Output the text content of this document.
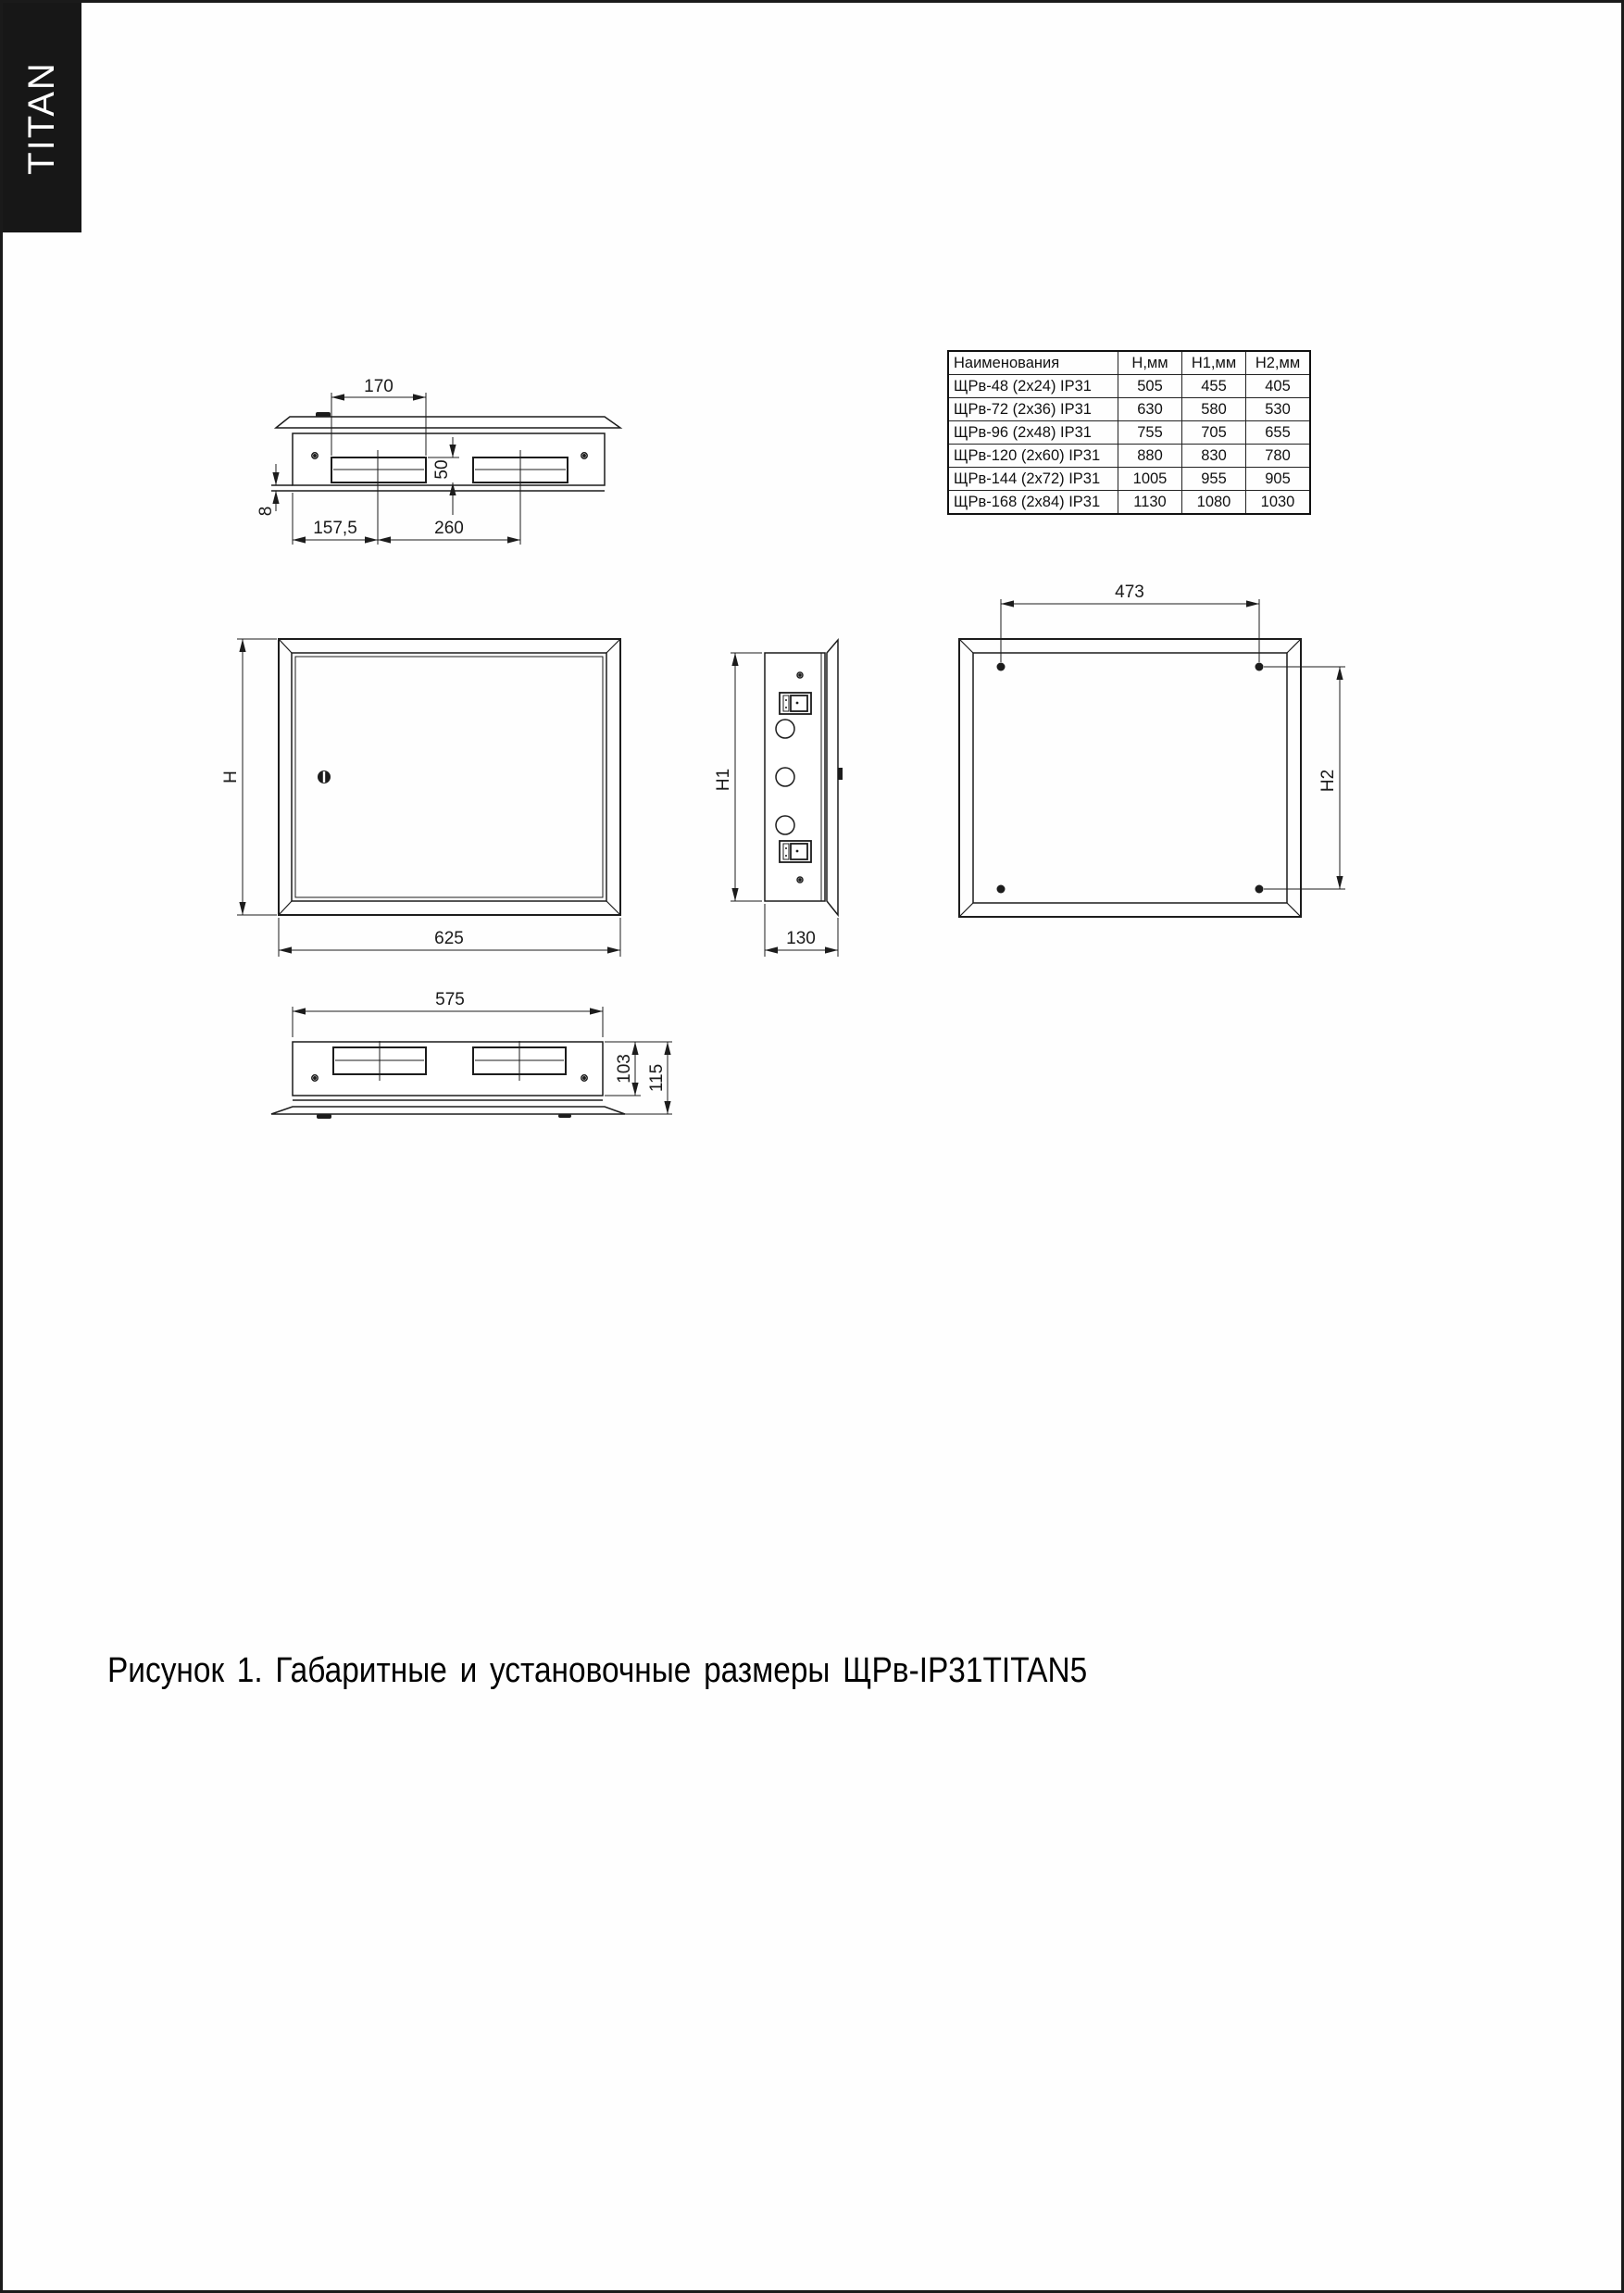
TITAN
Наименования	Н,мм	Н1,мм	Н2,мм
ЩРв-48 (2х24) IP31	505	455	405
ЩРв-72 (2х36) IP31	630	580	530
ЩРв-96 (2х48) IP31	755	705	655
ЩРв-120 (2х60) IP31	880	830	780
ЩРв-144 (2х72) IP31	1005	955	905
ЩРв-168 (2х84) IP31	1130	1080	1030
170
50
8
157,5	260
H
625
H1
130
473
H2
575
103 115
Рисунок 1. Габаритные и установочные размеры ЩРв-IP31TITAN5
